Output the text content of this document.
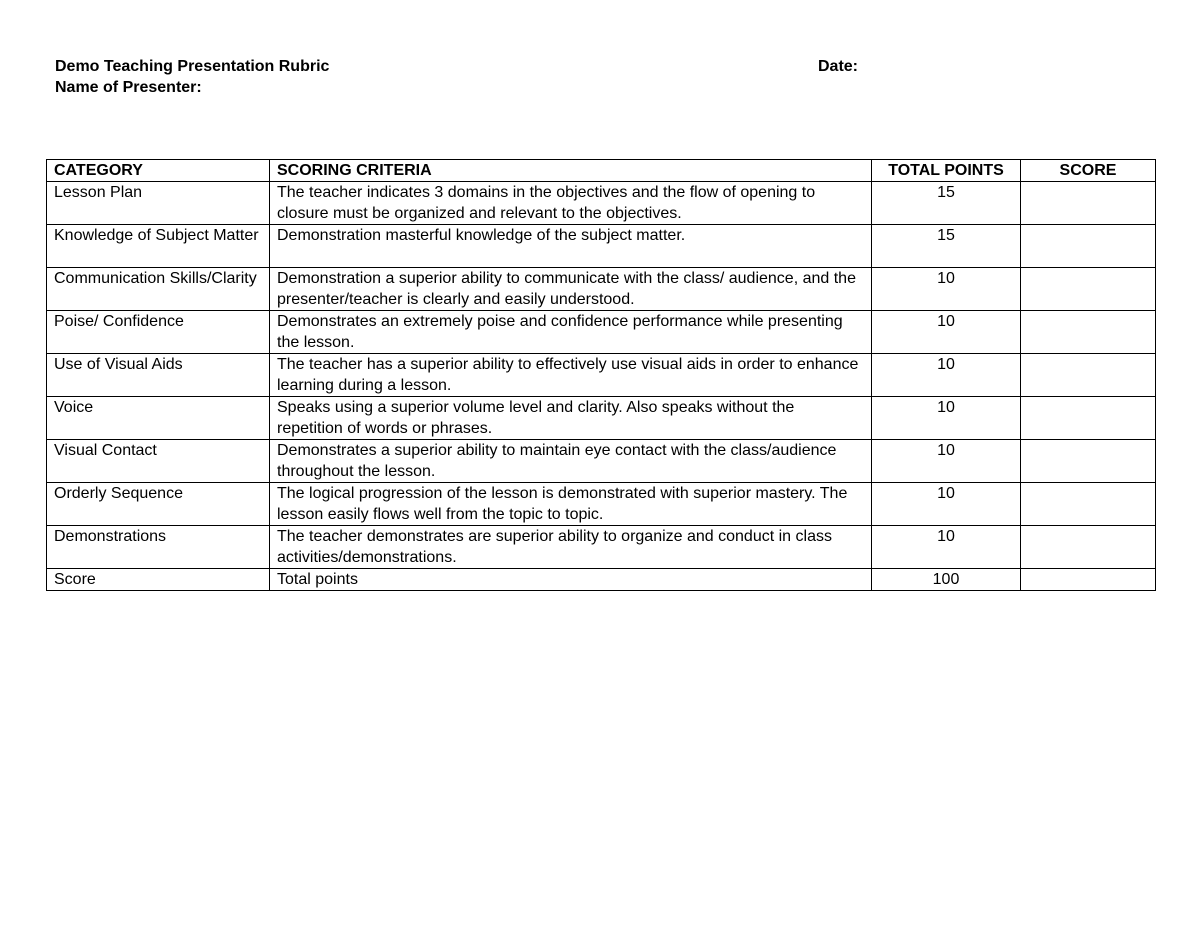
Demo Teaching Presentation Rubric	Date:
Name of Presenter:
CATEGORY	SCORING CRITERIA	TOTAL POINTS	SCORE
Lesson Plan	The teacher indicates 3 domains in the objectives and the flow of opening to closure must be organized and relevant to the objectives.	15	
Knowledge of Subject Matter	Demonstration masterful knowledge of the subject matter.	15	
Communication Skills/Clarity	Demonstration a superior ability to communicate with the class/ audience, and the presenter/teacher is clearly and easily understood.	10	
Poise/ Confidence	Demonstrates an extremely poise and confidence performance while presenting the lesson.	10	
Use of Visual Aids	The teacher has a superior ability to effectively use visual aids in order to enhance learning during a lesson.	10	
Voice	Speaks using a superior volume level and clarity. Also speaks without the repetition of words or phrases.	10	
Visual Contact	Demonstrates a superior ability to maintain eye contact with the class/audience throughout the lesson.	10	
Orderly Sequence	The logical progression of the lesson is demonstrated with superior mastery. The lesson easily flows well from the topic to topic.	10	
Demonstrations	The teacher demonstrates are superior ability to organize and conduct in class activities/demonstrations.	10	
Score	Total points	100	
